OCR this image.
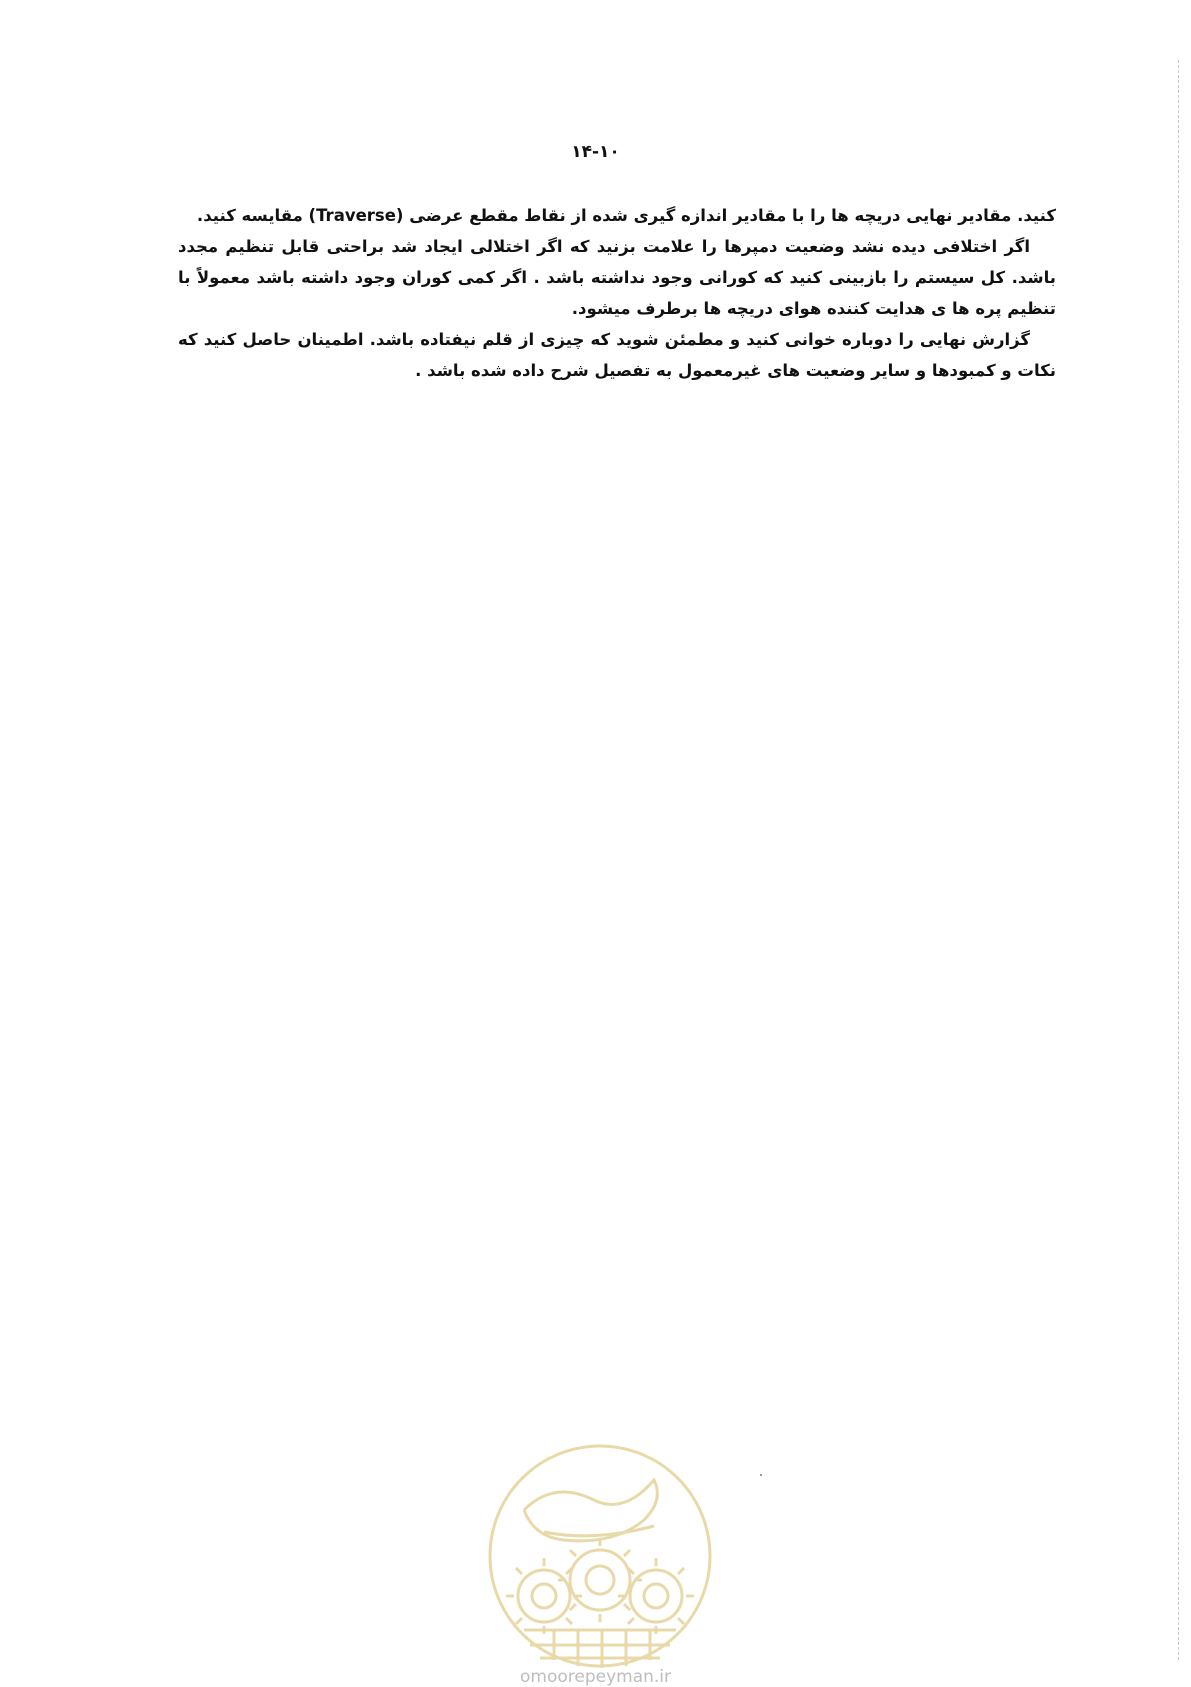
۱۴-۱۰

کنید. مقادیر نهایی دریچه ها را با مقادیر اندازه گیری شده از نقاط مقطع عرضی (Traverse) مقایسه کنید.

اگر اختلافی دیده نشد وضعیت دمپرها را علامت بزنید که اگر اختلالی ایجاد شد براحتی قابل تنظیم مجدد باشد. کل سیستم را بازبینی کنید که کورانی وجود نداشته باشد . اگر کمی کوران وجود داشته باشد معمولاً با تنظیم پره ها ی هدایت کننده هوای دریچه ها برطرف میشود.

گزارش نهایی را دوباره خوانی کنید و مطمئن شوید که چیزی از قلم نیفتاده باشد. اطمینان حاصل کنید که نکات و کمبودها و سایر وضعیت های غیرمعمول به تفصیل شرح داده شده باشد .

omoorepeyman.ir
